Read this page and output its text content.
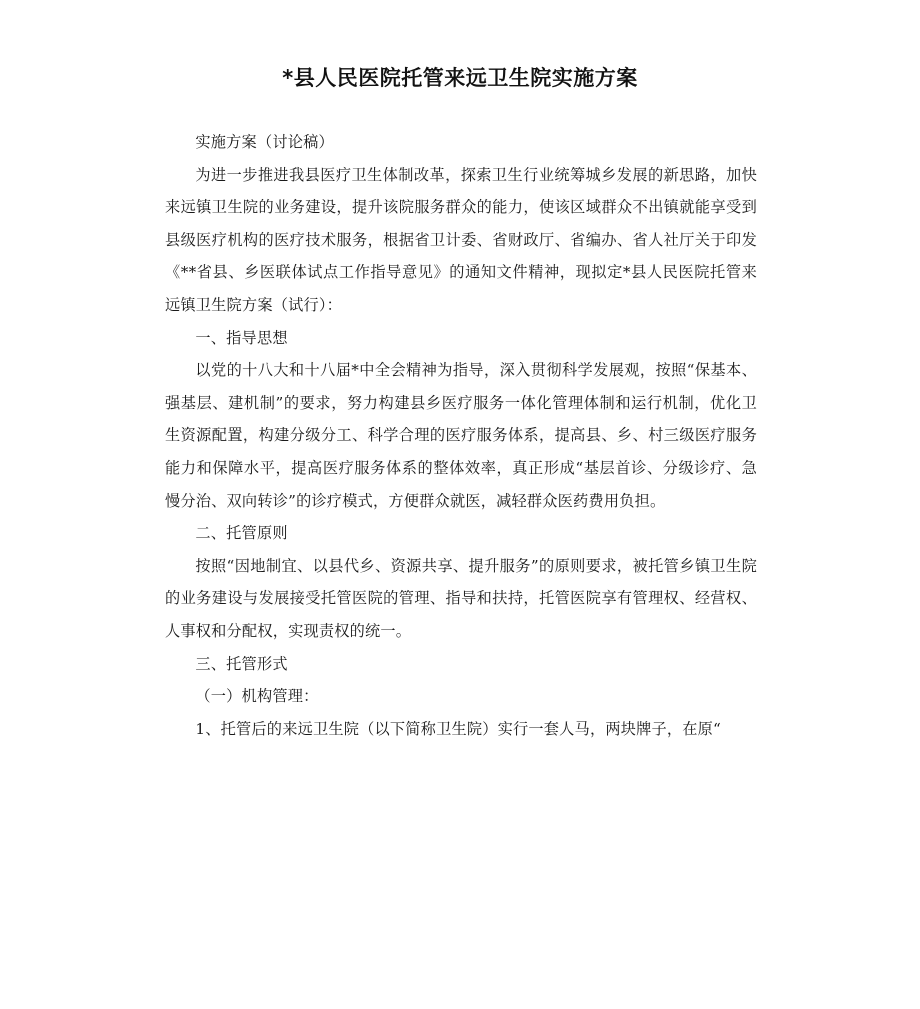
*县人民医院托管来远卫生院实施方案

实施方案（讨论稿）

为进一步推进我县医疗卫生体制改革，探索卫生行业统筹城乡发展的新思路，加快来远镇卫生院的业务建设，提升该院服务群众的能力，使该区域群众不出镇就能享受到县级医疗机构的医疗技术服务，根据省卫计委、省财政厅、省编办、省人社厅关于印发《**省县、乡医联体试点工作指导意见》的通知文件精神，现拟定*县人民医院托管来远镇卫生院方案（试行）：

一、指导思想

以党的十八大和十八届*中全会精神为指导，深入贯彻科学发展观，按照“保基本、强基层、建机制”的要求，努力构建县乡医疗服务一体化管理体制和运行机制，优化卫生资源配置，构建分级分工、科学合理的医疗服务体系，提高县、乡、村三级医疗服务能力和保障水平，提高医疗服务体系的整体效率，真正形成“基层首诊、分级诊疗、急慢分治、双向转诊”的诊疗模式，方便群众就医，减轻群众医药费用负担。

二、托管原则

按照“因地制宜、以县代乡、资源共享、提升服务”的原则要求，被托管乡镇卫生院的业务建设与发展接受托管医院的管理、指导和扶持，托管医院享有管理权、经营权、人事权和分配权，实现责权的统一。

三、托管形式

（一）机构管理：

1、托管后的来远卫生院（以下简称卫生院）实行一套人马，两块牌子，在原“
